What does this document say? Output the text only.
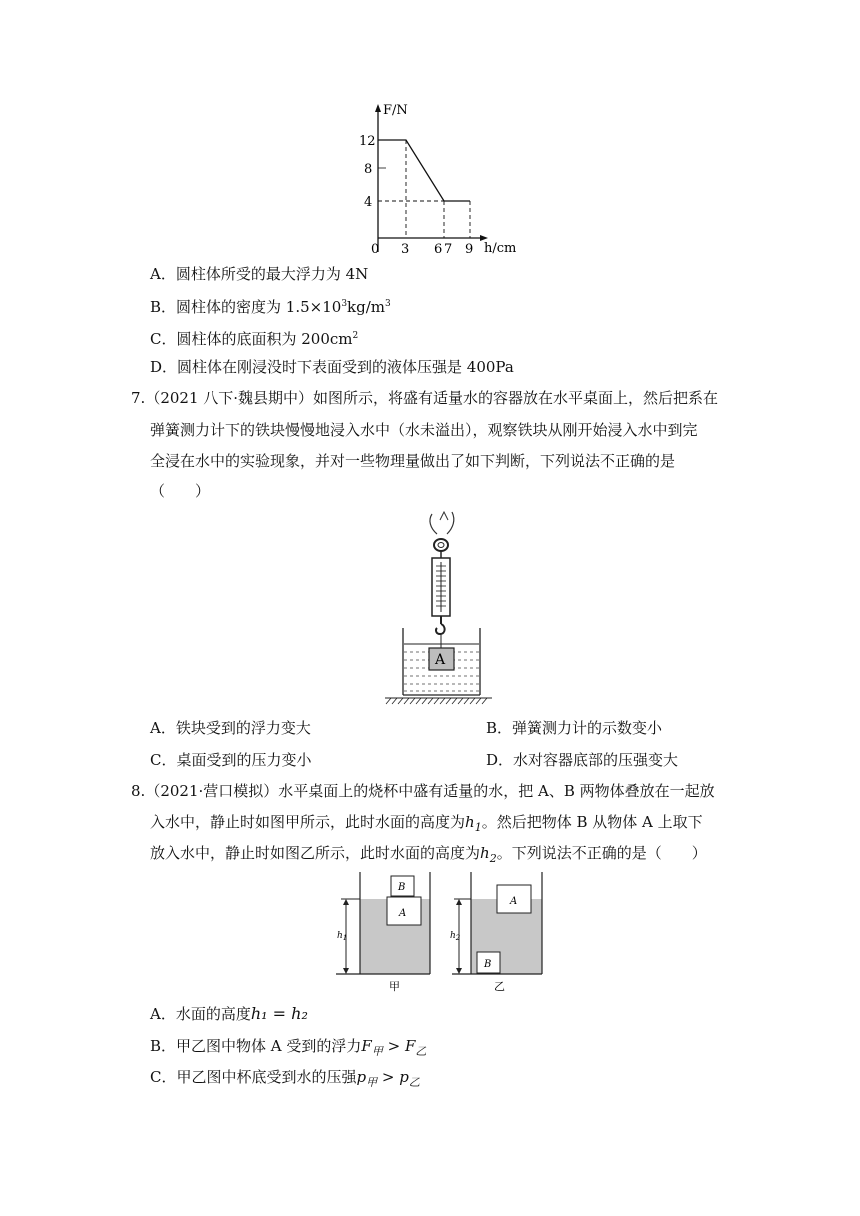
F/N
12
8
4
0 3 6 7 9 h/cm
A．圆柱体所受的最大浮力为 4N
B．圆柱体的密度为 $1.5\times 10^3kg/m^3$
C．圆柱体的底面积为 $200cm^2$
D．圆柱体在刚浸没时下表面受到的液体压强是 400Pa
7.（2021 八下·魏县期中）如图所示，将盛有适量水的容器放在水平桌面上，然后把系在
弹簧测力计下的铁块慢慢地浸入水中（水未溢出），观察铁块从刚开始浸入水中到完
全浸在水中的实验现象，并对一些物理量做出了如下判断，下列说法不正确的是
（　　）
A
A．铁块受到的浮力变大	B．弹簧测力计的示数变小
C．桌面受到的压力变小	D．水对容器底部的压强变大
8.（2021·营口模拟）水平桌面上的烧杯中盛有适量的水，把 A、B 两物体叠放在一起放
入水中，静止时如图甲所示，此时水面的高度为$h_1$。然后把物体 B 从物体 A 上取下
放入水中，静止时如图乙所示，此时水面的高度为$h_2$。下列说法不正确的是（　　）
A
B
$h_1$
甲
A
B
$h_2$
乙
A．水面的高度h₁ = h₂
B．甲乙图中物体 A 受到的浮力$F_甲 > F_乙$
C．甲乙图中杯底受到水的压强$p_甲 > p_乙$
